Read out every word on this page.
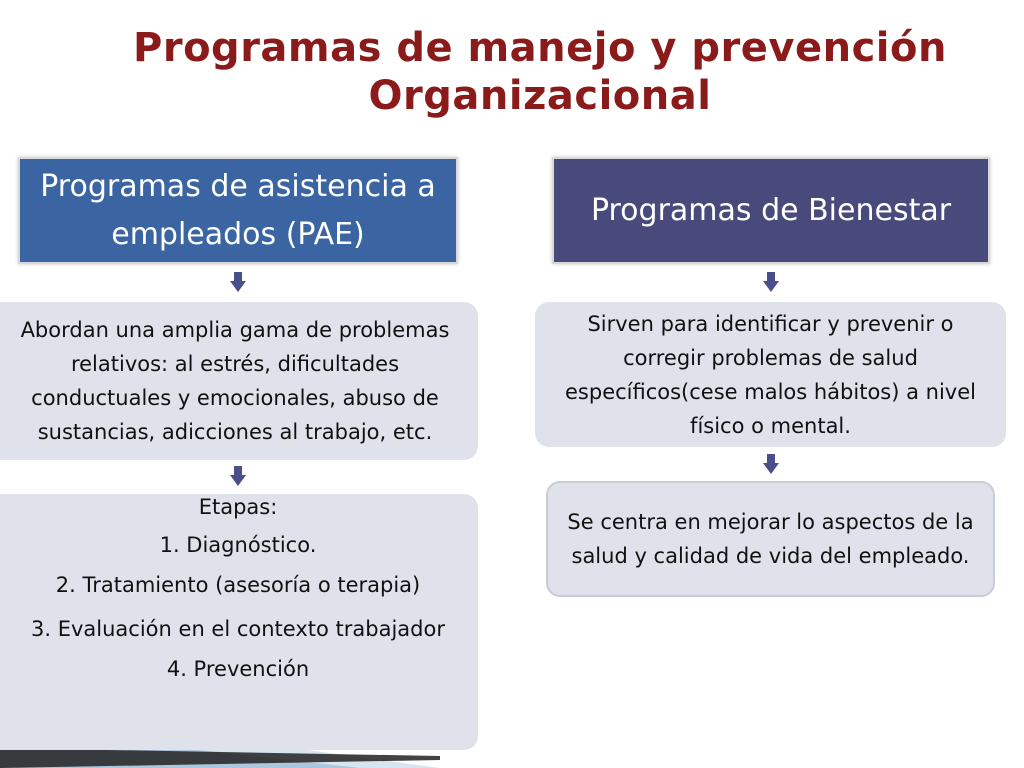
Programas de manejo y prevención
Organizacional
Programas de asistencia a empleados (PAE)
Programas de Bienestar
Abordan una amplia gama de problemas relativos: al estrés, dificultades conductuales y emocionales, abuso de sustancias, adicciones al trabajo, etc.

Etapas:

1. Diagnóstico.

2. Tratamiento (asesoría o terapia)

3. Evaluación en el contexto trabajador

4. Prevención

Sirven para identificar y prevenir o corregir problemas de salud específicos(cese malos hábitos) a nivel físico o mental.
Se centra en mejorar lo aspectos de la salud y calidad de vida del empleado.
